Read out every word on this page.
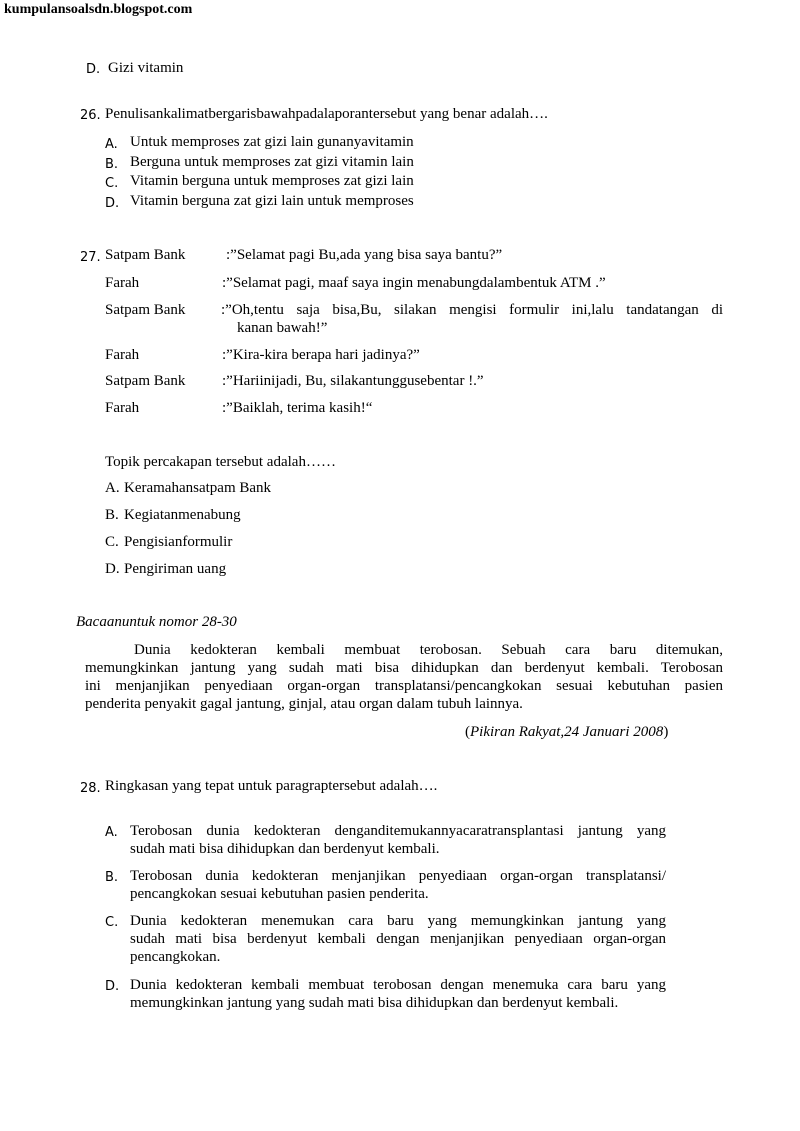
kumpulansoalsdn.blogspot.com
D. Gizi vitamin
26. Penulisankalimatbergarisbawahpadalaporantersebut yang benar adalah….
A. Untuk memproses zat gizi lain gunanyavitamin
B. Berguna untuk memproses zat gizi vitamin lain
C. Vitamin berguna untuk memproses zat gizi lain
D. Vitamin berguna zat gizi lain untuk memproses
27. Satpam Bank	:”Selamat pagi Bu,ada yang bisa saya bantu?”
Farah	:”Selamat pagi, maaf saya ingin menabungdalambentuk ATM .”
Satpam Bank :”Oh,tentu saja bisa,Bu, silakan mengisi formulir ini,lalu tandatangan di
kanan bawah!”
Farah	:”Kira-kira berapa hari jadinya?”
Satpam Bank :”Hariinijadi, Bu, silakantunggusebentar !.”
Farah	:”Baiklah, terima kasih!“
Topik percakapan tersebut adalah……
A. Keramahansatpam Bank
B. Kegiatanmenabung
C. Pengisianformulir
D. Pengiriman uang
Bacaanuntuk nomor 28-30
Dunia kedokteran kembali membuat terobosan. Sebuah cara baru ditemukan,
memungkinkan jantung yang sudah mati bisa dihidupkan dan berdenyut kembali. Terobosan
ini menjanjikan penyediaan organ-organ transplatansi/pencangkokan sesuai kebutuhan pasien
penderita penyakit gagal jantung, ginjal, atau organ dalam tubuh lainnya.
(Pikiran Rakyat,24 Januari 2008)
28. Ringkasan yang tepat untuk paragraptersebut adalah….
A. Terobosan dunia kedokteran denganditemukannyacaratransplantasi jantung yang
sudah mati bisa dihidupkan dan berdenyut kembali.
B. Terobosan dunia kedokteran menjanjikan penyediaan organ-organ transplatansi/
pencangkokan sesuai kebutuhan pasien penderita.
C. Dunia kedokteran menemukan cara baru yang memungkinkan jantung yang
sudah mati bisa berdenyut kembali dengan menjanjikan penyediaan organ-organ
pencangkokan.
D. Dunia kedokteran kembali membuat terobosan dengan menemuka cara baru yang
memungkinkan jantung yang sudah mati bisa dihidupkan dan berdenyut kembali.
